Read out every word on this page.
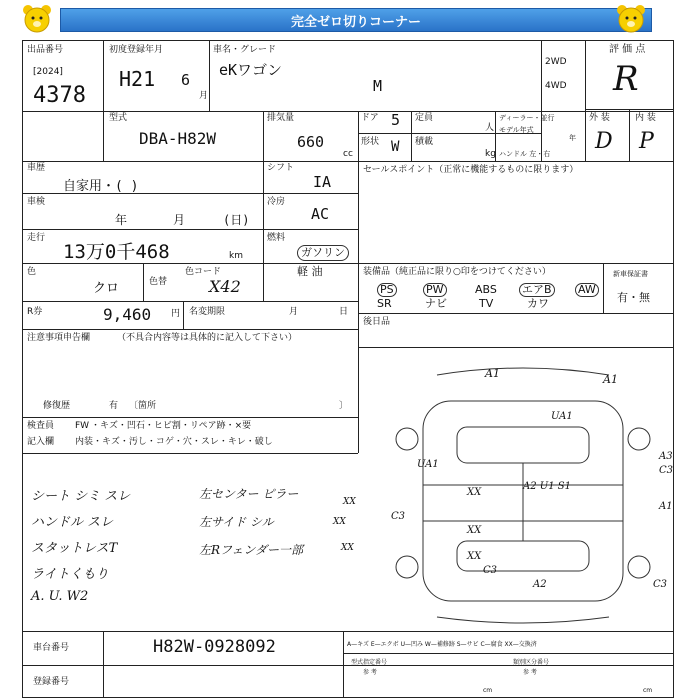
完全ゼロ切りコーナー
出品番号
[2024]
4378
初度登録年月
H21 6
月
車名・グレード
eKワゴン
M
2WD
4WD
評 価 点
R
型式
DBA-H82W
排気量
660
cc
ドア 5 定員
人
形状 W 積載
kg
ディーラー・並行
モデル年式
年
ハンドル 左・右
外 装	内 装
D P
車歴
自家用・( )
シフト
IA
車検
年	月	(日)
冷房
AC
走行
13万0千468	km
燃料
ガソリン
軽 油
色
クロ	色替
色コード
X42
R券	9,460 円 名変期限	月	日
注意事項申告欄	（不具合内容等は具体的に記入して下さい）
修復歴	有 〔箇所	〕
検査員
記入欄
FW ・キズ・凹石・ヒビ割・リペア跡・×要
内装 ・キズ・汚し・コゲ・穴・スレ・キレ・破し
シート シミ スレ
ハンドル スレ
スタットレスT
ライトくもり
A. U. W2
左センター ピラー
左サイド シル
左Rフェンダー一部
XX
XX
XX
セールスポイント（正常に機能するものに限ります）
装備品（純正品に限り○印をつけてください）
PS	PW	ABS エアB AW
SR	ナビ	TV	カワ
新車保証書
有・無
後日品
A1	A1
UA1
A3
C3
UA1
XX
A2 U1 S1
C3
XX
A1
C3
A2
C3
XX
車台番号	H82W-0928092
登録番号
A—キズ E—エクボ U—凹み W—補修跡 S—サビ C—腐食 XX—交換済
型式指定番号	類別区分番号
参 考	参 考
cm	cm
